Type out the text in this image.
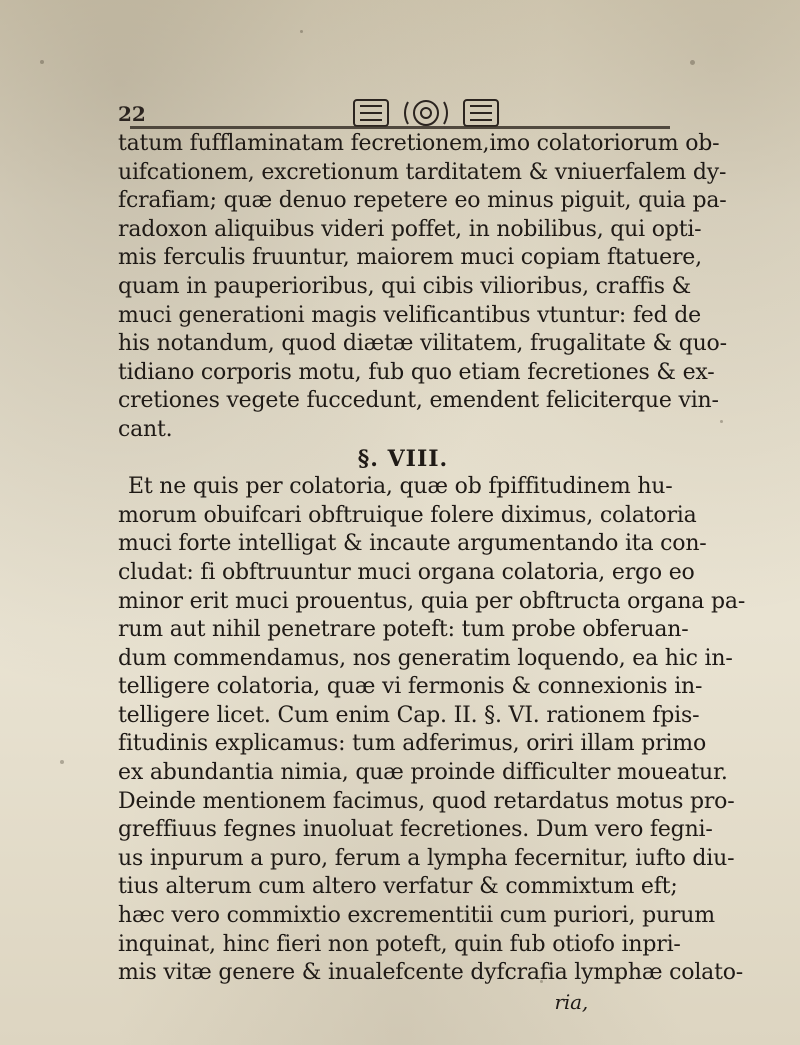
22
tatum fufflaminatam fecretionem,imo colatoriorum ob-
uifcationem, excretionum tarditatem & vniuerfalem dy-
fcrafiam; quæ denuo repetere eo minus piguit, quia pa-
radoxon aliquibus videri poffet, in nobilibus, qui opti-
mis ferculis fruuntur, maiorem muci copiam ftatuere,
quam in pauperioribus, qui cibis vilioribus, craffis &
muci generationi magis velificantibus vtuntur: fed de
his notandum, quod diætæ vilitatem, frugalitate & quo-
tidiano corporis motu, fub quo etiam fecretiones & ex-
cretiones vegete fuccedunt, emendent feliciterque vin-
cant.
§. VIII.
Et ne quis per colatoria, quæ ob fpiffitudinem hu-
morum obuifcari obftruique folere diximus, colatoria
muci forte intelligat & incaute argumentando ita con-
cludat: fi obftruuntur muci organa colatoria, ergo eo
minor erit muci prouentus, quia per obftructa organa pa-
rum aut nihil penetrare poteft: tum probe obferuan-
dum commendamus, nos generatim loquendo, ea hic in-
telligere colatoria, quæ vi fermonis & connexionis in-
telligere licet. Cum enim Cap. II. §. VI. rationem fpis-
fitudinis explicamus: tum adferimus, oriri illam primo
ex abundantia nimia, quæ proinde difficulter moueatur.
Deinde mentionem facimus, quod retardatus motus pro-
greffiuus fegnes inuoluat fecretiones. Dum vero fegni-
us inpurum a puro, ferum a lympha fecernitur, iufto diu-
tius alterum cum altero verfatur & commixtum eft;
hæc vero commixtio excrementitii cum puriori, purum
inquinat, hinc fieri non poteft, quin fub otiofo inpri-
mis vitæ genere & inualefcente dyfcrafia lymphæ colato-
ria,
